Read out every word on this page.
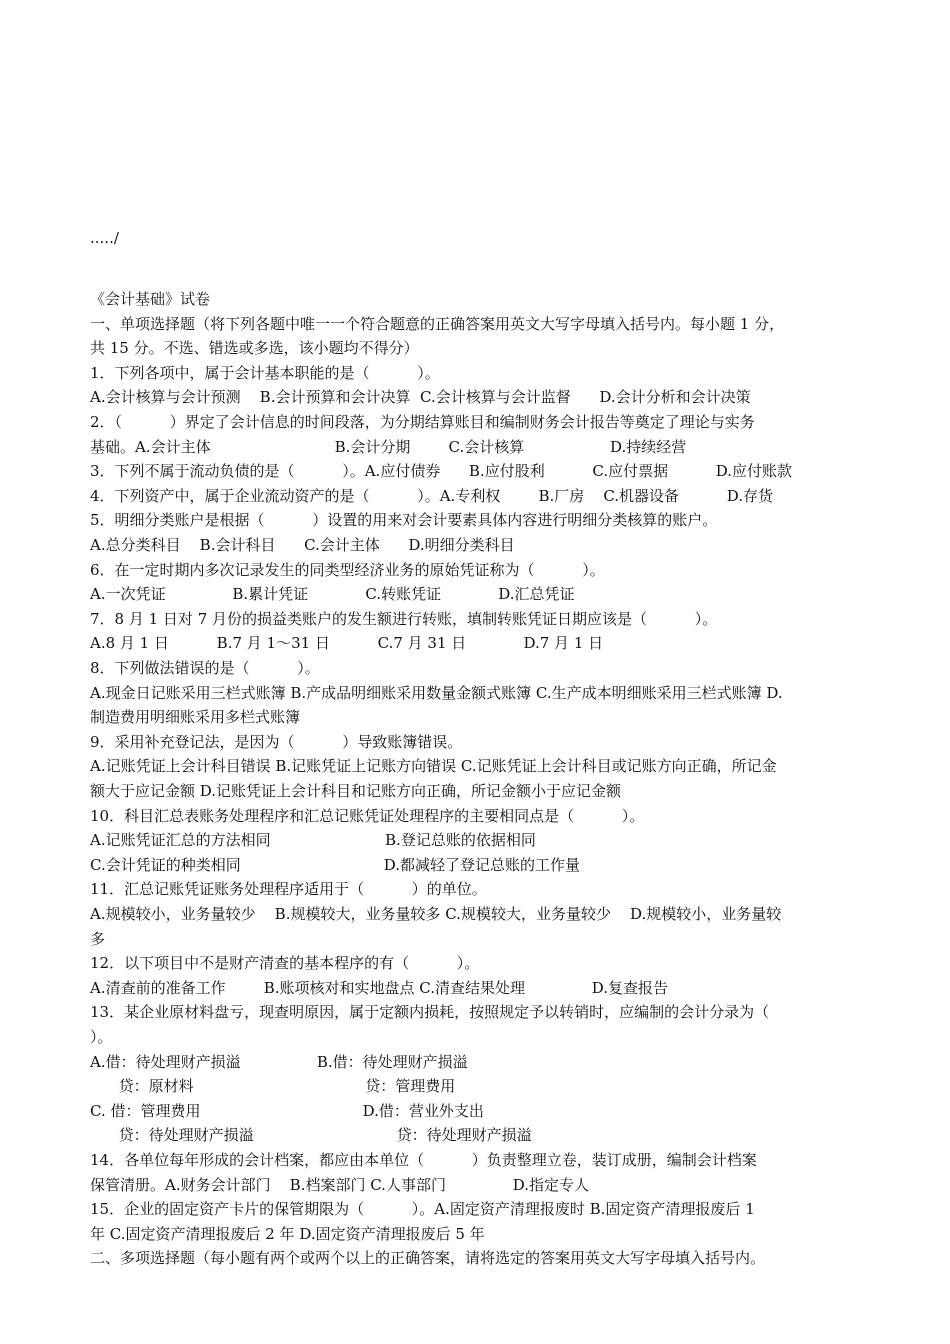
...../

《会计基础》试卷

一、单项选择题（将下列各题中唯一一个符合题意的正确答案用英文大写字母填入括号内。每小题 1 分，

共 15 分。不选、错选或多选，该小题均不得分）

1．下列各项中，属于会计基本职能的是（          ）。

A.会计核算与会计预测    B.会计预算和会计决算  C.会计核算与会计监督      D.会计分析和会计决策

2．（          ）界定了会计信息的时间段落，为分期结算账目和编制财务会计报告等奠定了理论与实务

基础。A.会计主体                          B.会计分期        C.会计核算                  D.持续经营

3．下列不属于流动负债的是（          ）。A.应付债券      B.应付股利          C.应付票据          D.应付账款

4．下列资产中，属于企业流动资产的是（          ）。A.专利权        B.厂房    C.机器设备          D.存货

5．明细分类账户是根据（          ）设置的用来对会计要素具体内容进行明细分类核算的账户。

A.总分类科目    B.会计科目      C.会计主体      D.明细分类科目

6．在一定时期内多次记录发生的同类型经济业务的原始凭证称为（          ）。

A.一次凭证              B.累计凭证            C.转账凭证            D.汇总凭证

7．8 月 1 日对 7 月份的损益类账户的发生额进行转账，填制转账凭证日期应该是（          ）。

A.8 月 1 日          B.7 月 1～31 日          C.7 月 31 日            D.7 月 1 日

8．下列做法错误的是（          ）。

A.现金日记账采用三栏式账簿 B.产成品明细账采用数量金额式账簿 C.生产成本明细账采用三栏式账簿 D.

制造费用明细账采用多栏式账簿

9．采用补充登记法，是因为（          ）导致账簿错误。

A.记账凭证上会计科目错误 B.记账凭证上记账方向错误 C.记账凭证上会计科目或记账方向正确，所记金

额大于应记金额 D.记账凭证上会计科目和记账方向正确，所记金额小于应记金额

10．科目汇总表账务处理程序和汇总记账凭证处理程序的主要相同点是（          ）。

A.记账凭证汇总的方法相同                        B.登记总账的依据相同

C.会计凭证的种类相同                              D.都减轻了登记总账的工作量

11．汇总记账凭证账务处理程序适用于（          ）的单位。

A.规模较小，业务量较少    B.规模较大，业务量较多 C.规模较大，业务量较少    D.规模较小，业务量较

多

12．以下项目中不是财产清查的基本程序的有（          ）。

A.清查前的准备工作        B.账项核对和实地盘点 C.清查结果处理              D.复查报告

13．某企业原材料盘亏，现查明原因，属于定额内损耗，按照规定予以转销时，应编制的会计分录为（

）。

A.借：待处理财产损溢                B.借：待处理财产损溢

贷：原材料                                    贷：管理费用

C. 借：管理费用                                  D.借：营业外支出

贷：待处理财产损溢                              贷：待处理财产损溢

14．各单位每年形成的会计档案，都应由本单位（          ）负责整理立卷，装订成册，编制会计档案

保管清册。A.财务会计部门    B.档案部门 C.人事部门              D.指定专人

15．企业的固定资产卡片的保管期限为（          ）。A.固定资产清理报废时 B.固定资产清理报废后 1

年 C.固定资产清理报废后 2 年 D.固定资产清理报废后 5 年

二、多项选择题（每小题有两个或两个以上的正确答案，请将选定的答案用英文大写字母填入括号内。
